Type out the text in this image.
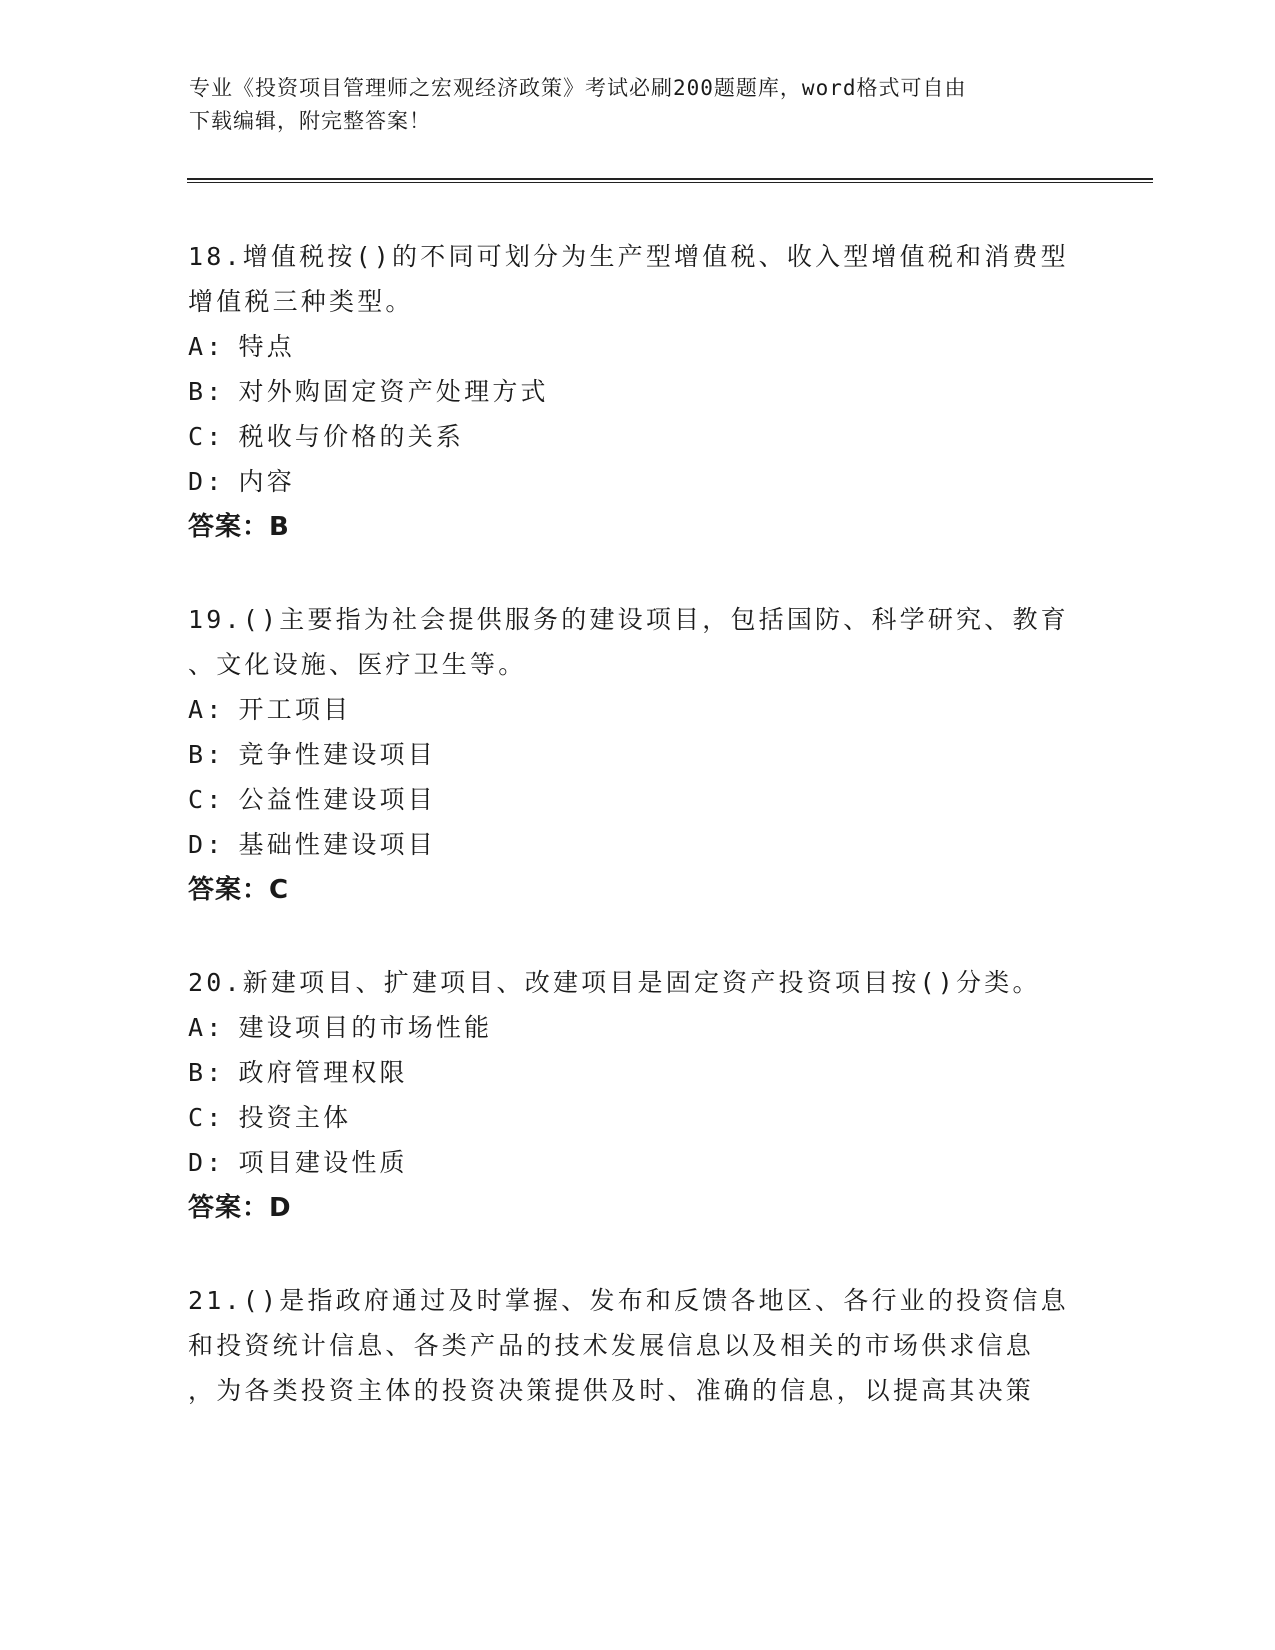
专业《投资项目管理师之宏观经济政策》考试必刷200题题库，word格式可自由
下载编辑，附完整答案！
18.增值税按()的不同可划分为生产型增值税、收入型增值税和消费型
增值税三种类型。
A: 特点
B: 对外购固定资产处理方式
C: 税收与价格的关系
D: 内容
答案：B
19.()主要指为社会提供服务的建设项目，包括国防、科学研究、教育
、文化设施、医疗卫生等。
A: 开工项目
B: 竞争性建设项目
C: 公益性建设项目
D: 基础性建设项目
答案：C
20.新建项目、扩建项目、改建项目是固定资产投资项目按()分类。
A: 建设项目的市场性能
B: 政府管理权限
C: 投资主体
D: 项目建设性质
答案：D
21.()是指政府通过及时掌握、发布和反馈各地区、各行业的投资信息
和投资统计信息、各类产品的技术发展信息以及相关的市场供求信息
，为各类投资主体的投资决策提供及时、准确的信息，以提高其决策
